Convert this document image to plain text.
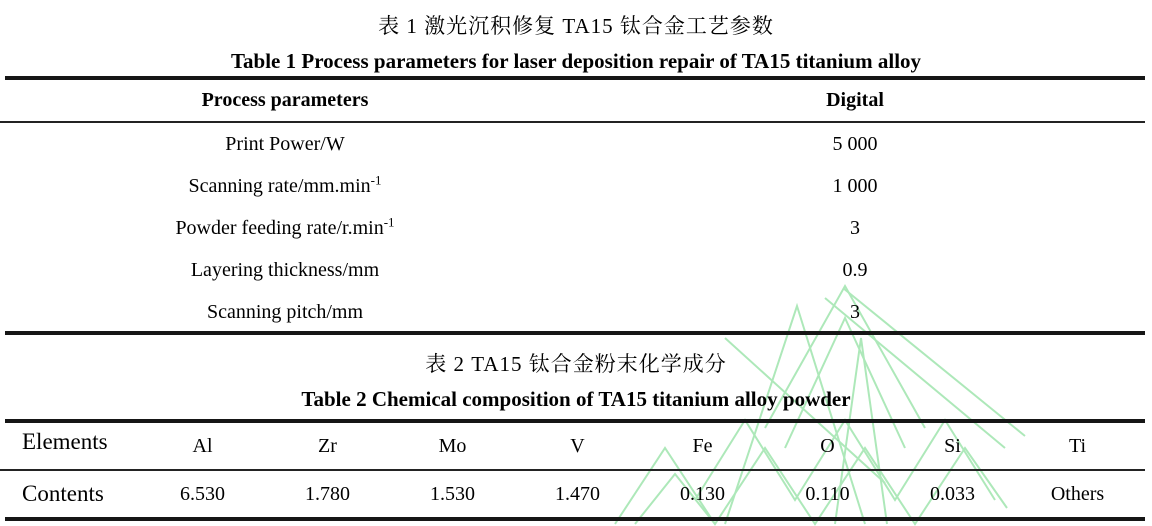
表 1 激光沉积修复 TA15 钛合金工艺参数
Table 1 Process parameters for laser deposition repair of TA15 titanium alloy
Process parameters	Digital
Print Power/W	5 000
Scanning rate/$mm.\min^{-1}$	1 000
Powder feeding rate/$r.\min^{-1}$	3
Layering thickness/mm	0.9
Scanning pitch/mm	3
表 2 TA15 钛合金粉末化学成分
Table 2 Chemical composition of TA15 titanium alloy powder
Elements	Al	Zr	Mo	V	Fe	O	Si	Ti
Contents	6.530	1.780	1.530	1.470	0.130	0.110	0.033	Others
